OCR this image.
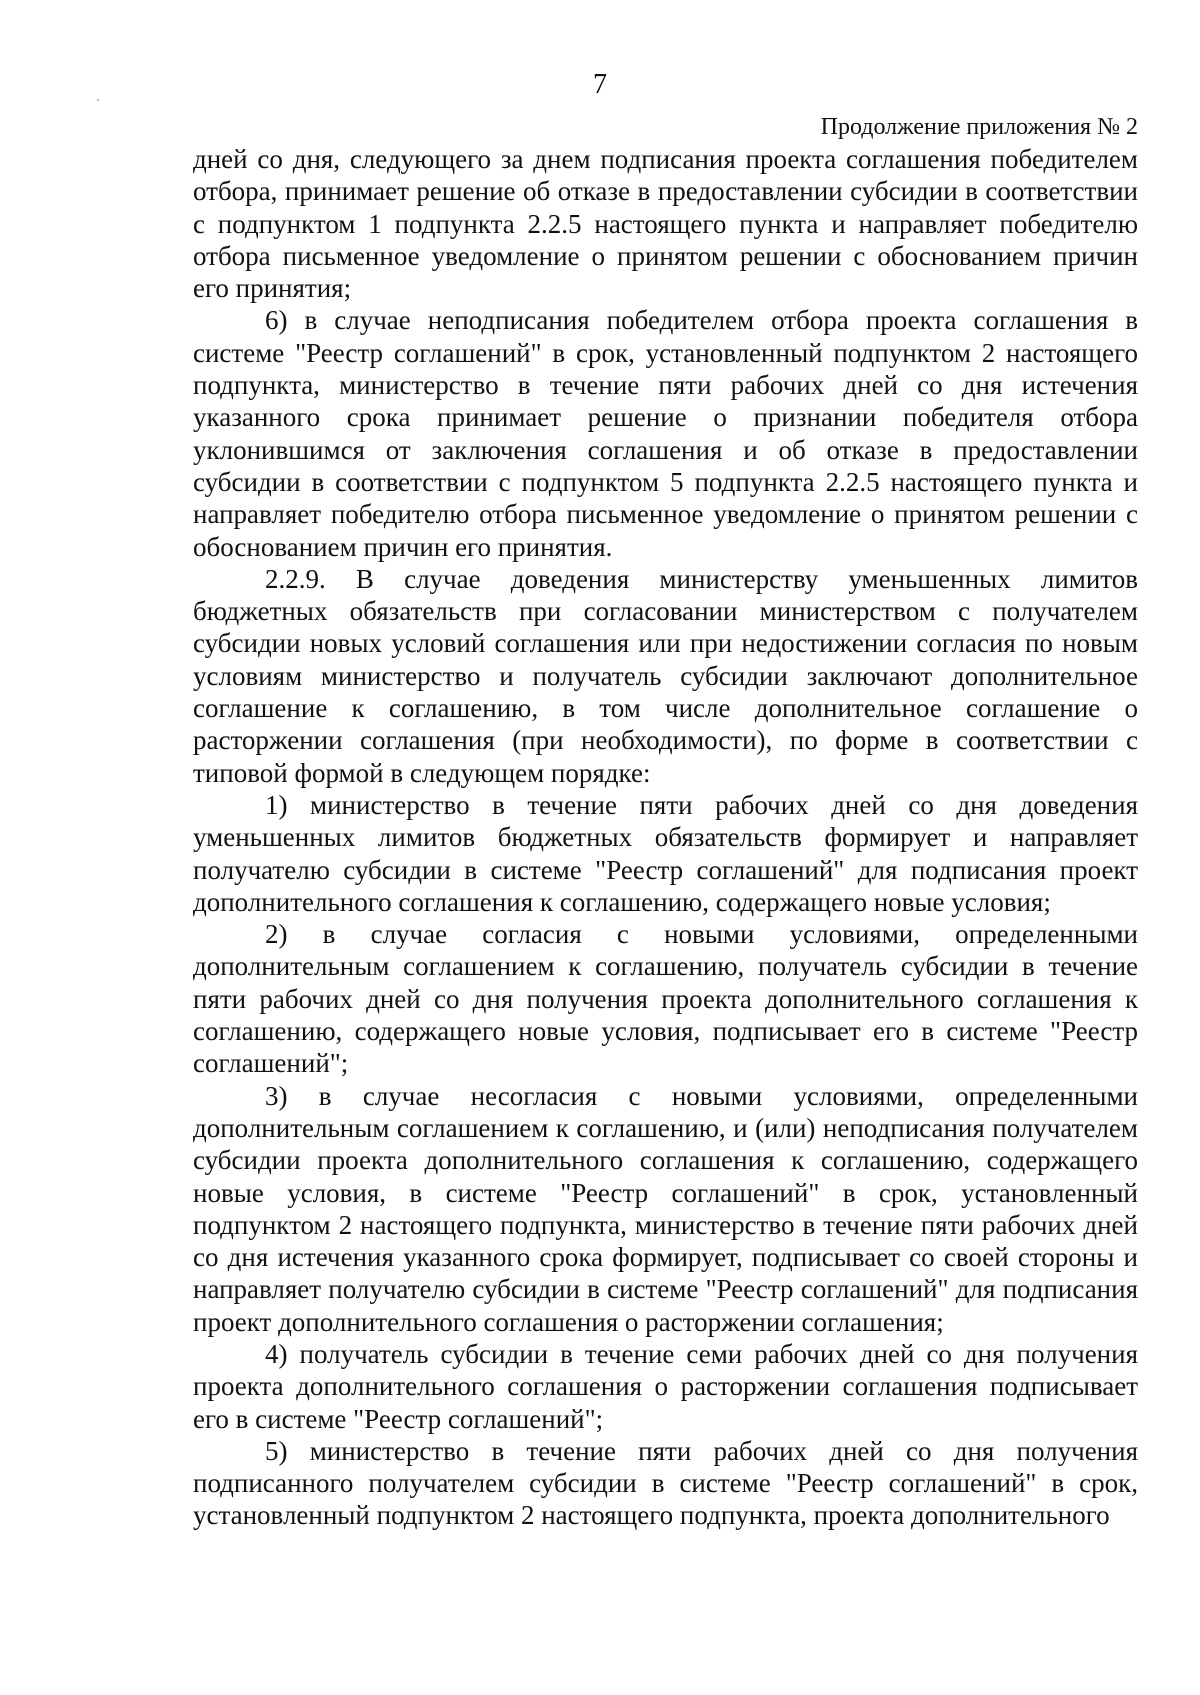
7
Продолжение приложения № 2

дней со дня, следующего за днем подписания проекта соглашения победителем отбора, принимает решение об отказе в предоставлении субсидии в соответствии с подпунктом 1 подпункта 2.2.5 настоящего пункта и направляет победителю отбора письменное уведомление о принятом решении с обоснованием причин его принятия;

6) в случае неподписания победителем отбора проекта соглашения в системе "Реестр соглашений" в срок, установленный подпунктом 2 настоящего подпункта, министерство в течение пяти рабочих дней со дня истечения указанного срока принимает решение о признании победителя отбора уклонившимся от заключения соглашения и об отказе в предоставлении субсидии в соответствии с подпунктом 5 подпункта 2.2.5 настоящего пункта и направляет победителю отбора письменное уведомление о принятом решении с обоснованием причин его принятия.

2.2.9. В случае доведения министерству уменьшенных лимитов бюджетных обязательств при согласовании министерством с получателем субсидии новых условий соглашения или при недостижении согласия по новым условиям министерство и получатель субсидии заключают дополнительное соглашение к соглашению, в том числе дополнительное соглашение о расторжении соглашения (при необходимости), по форме в соответствии с типовой формой в следующем порядке:

1) министерство в течение пяти рабочих дней со дня доведения уменьшенных лимитов бюджетных обязательств формирует и направляет получателю субсидии в системе "Реестр соглашений" для подписания проект дополнительного соглашения к соглашению, содержащего новые условия;

2) в случае согласия с новыми условиями, определенными дополнительным соглашением к соглашению, получатель субсидии в течение пяти рабочих дней со дня получения проекта дополнительного соглашения к соглашению, содержащего новые условия, подписывает его в системе "Реестр соглашений";

3) в случае несогласия с новыми условиями, определенными дополнительным соглашением к соглашению, и (или) неподписания получателем субсидии проекта дополнительного соглашения к соглашению, содержащего новые условия, в системе "Реестр соглашений" в срок, установленный подпунктом 2 настоящего подпункта, министерство в течение пяти рабочих дней со дня истечения указанного срока формирует, подписывает со своей стороны и направляет получателю субсидии в системе "Реестр соглашений" для подписания проект дополнительного соглашения о расторжении соглашения;

4) получатель субсидии в течение семи рабочих дней со дня получения проекта дополнительного соглашения о расторжении соглашения подписывает его в системе "Реестр соглашений";

5) министерство в течение пяти рабочих дней со дня получения подписанного получателем субсидии в системе "Реестр соглашений" в срок, установленный подпунктом 2 настоящего подпункта, проекта дополнительного
